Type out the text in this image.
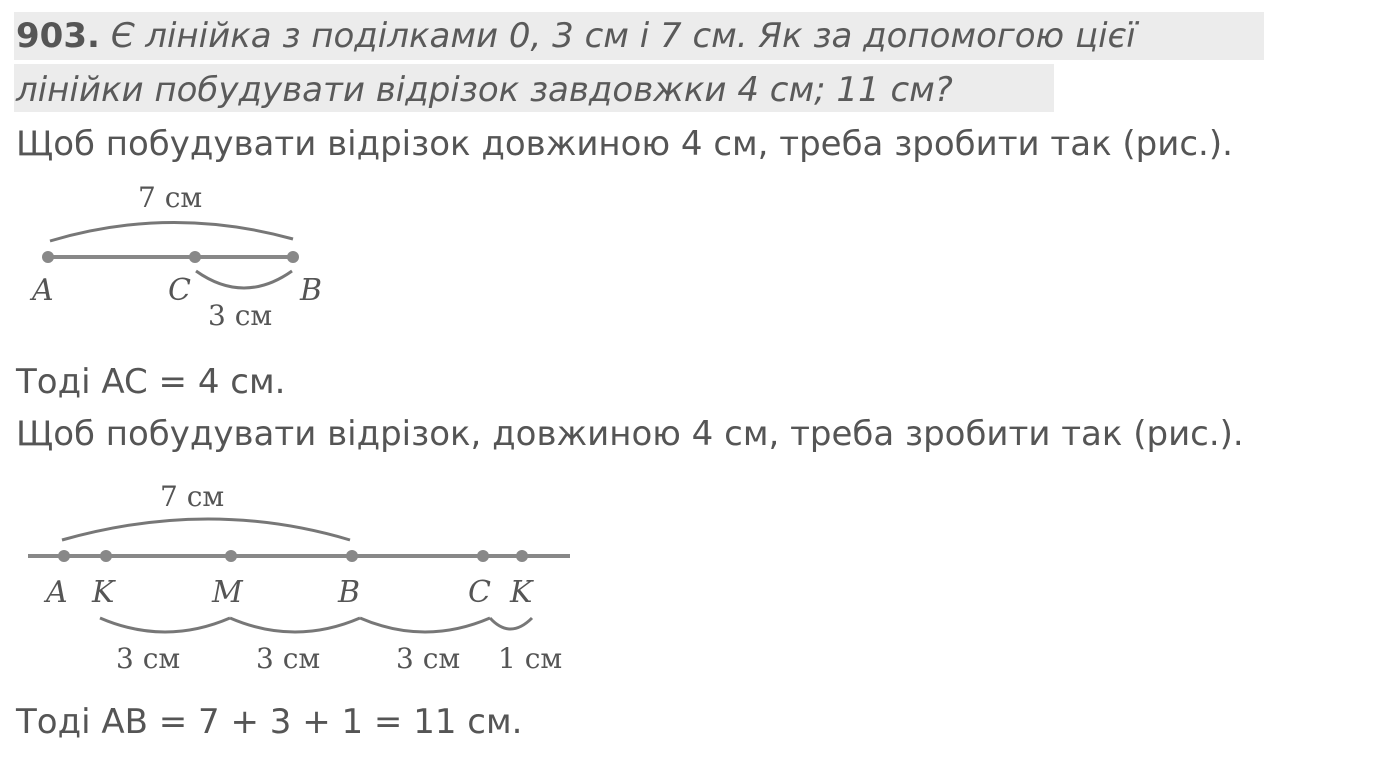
903. Є лінійка з поділками 0, 3 см і 7 см. Як за допомогою цієї
лінійки побудувати відрізок завдовжки 4 см; 11 см?
Щоб побудувати відрізок довжиною 4 см, треба зробити так (рис.).
7 см
A	C	B
3 см
Тоді AC = 4 см.
Щоб побудувати відрізок, довжиною 4 см, треба зробити так (рис.).
7 см
A K	M	B	C K
3 см	3 см	3 см 1 см
Тоді AB = 7 + 3 + 1 = 11 см.
